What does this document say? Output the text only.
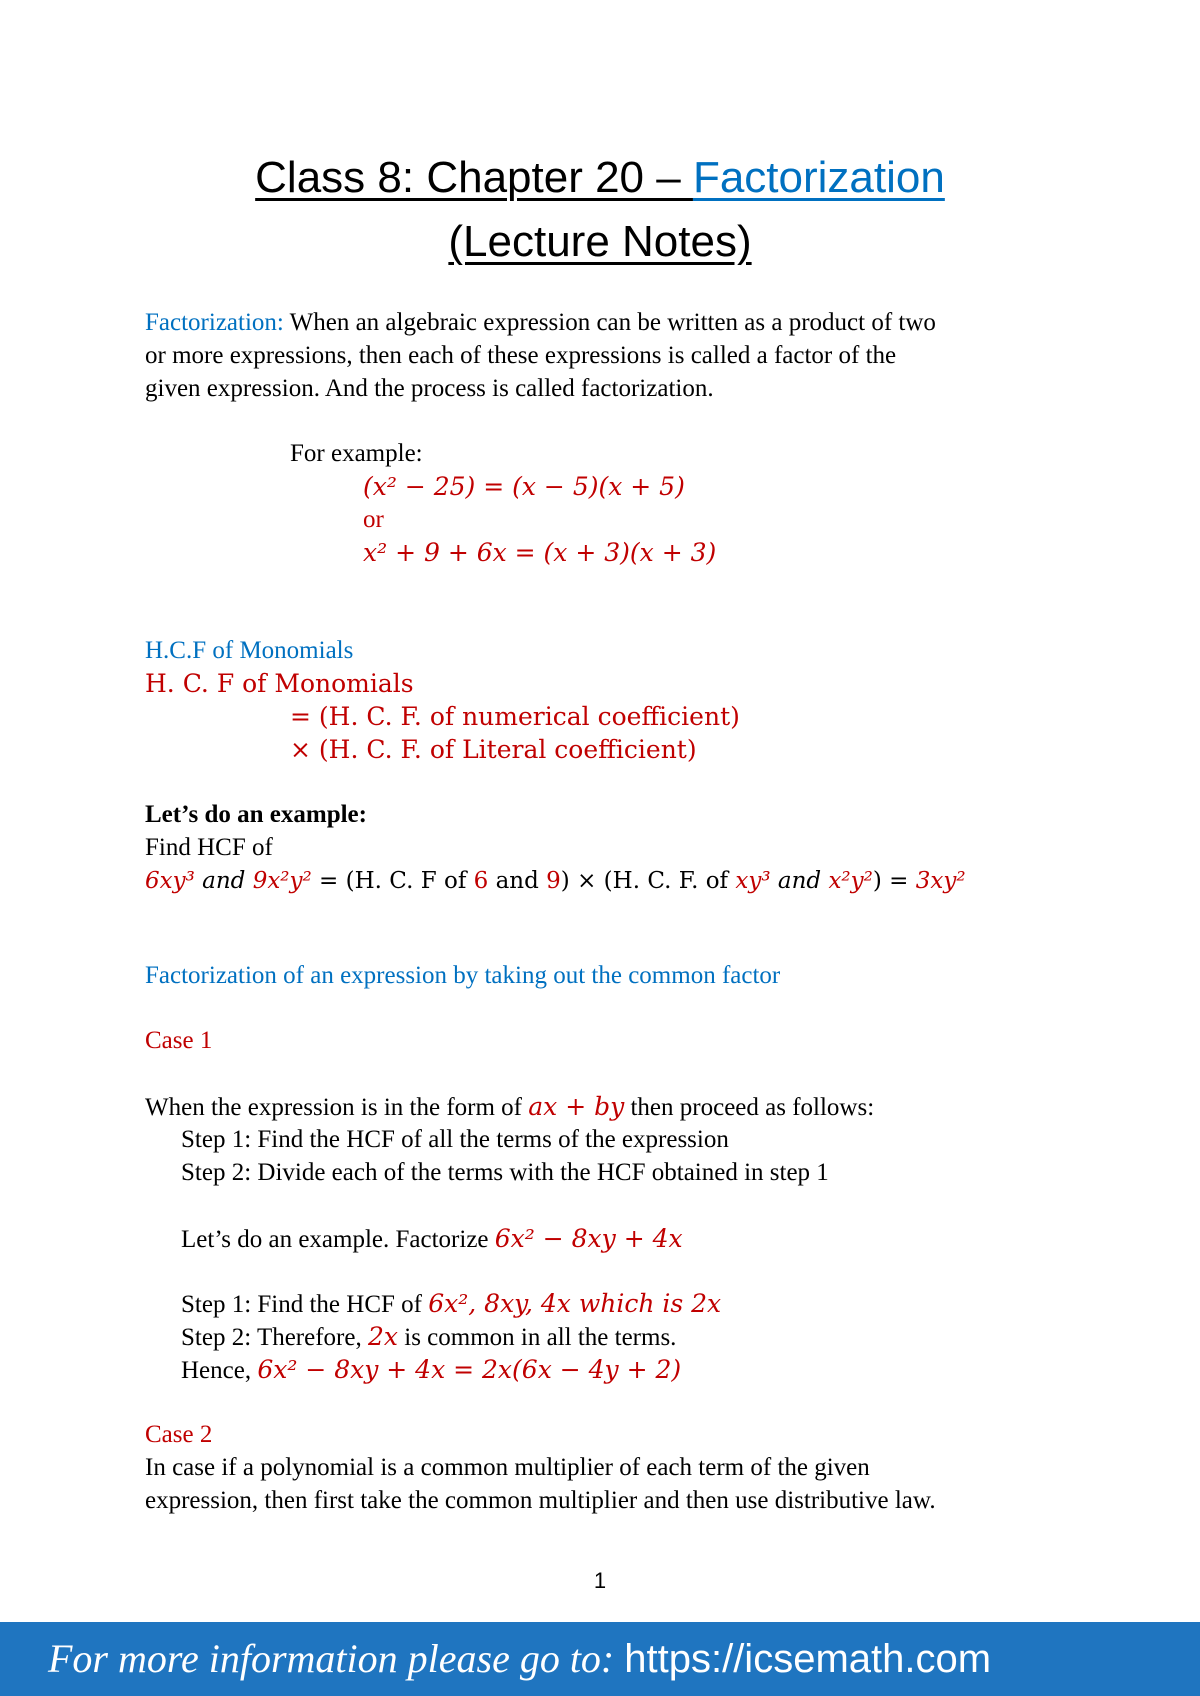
Class 8: Chapter 20 – Factorization
(Lecture Notes)
Factorization: When an algebraic expression can be written as a product of two
or more expressions, then each of these expressions is called a factor of the
given expression. And the process is called factorization.
For example:
(x² − 25) = (x − 5)(x + 5)
or
x² + 9 + 6x = (x + 3)(x + 3)
H.C.F of Monomials
H. C. F of Monomials
= (H. C. F. of numerical coefficient)
× (H. C. F. of Literal coefficient)
Let’s do an example:
Find HCF of
6xy³ and 9x²y² = (H. C. F of 6 and 9) × (H. C. F. of xy³ and x²y²) = 3xy²
Factorization of an expression by taking out the common factor
Case 1
When the expression is in the form of ax + by then proceed as follows:
Step 1: Find the HCF of all the terms of the expression
Step 2: Divide each of the terms with the HCF obtained in step 1
Let’s do an example. Factorize 6x² − 8xy + 4x
Step 1: Find the HCF of 6x², 8xy, 4x which is 2x
Step 2: Therefore, 2x is common in all the terms.
Hence, 6x² − 8xy + 4x = 2x(6x − 4y + 2)
Case 2
In case if a polynomial is a common multiplier of each term of the given
expression, then first take the common multiplier and then use distributive law.
1
For more information please go to: https://icsemath.com
